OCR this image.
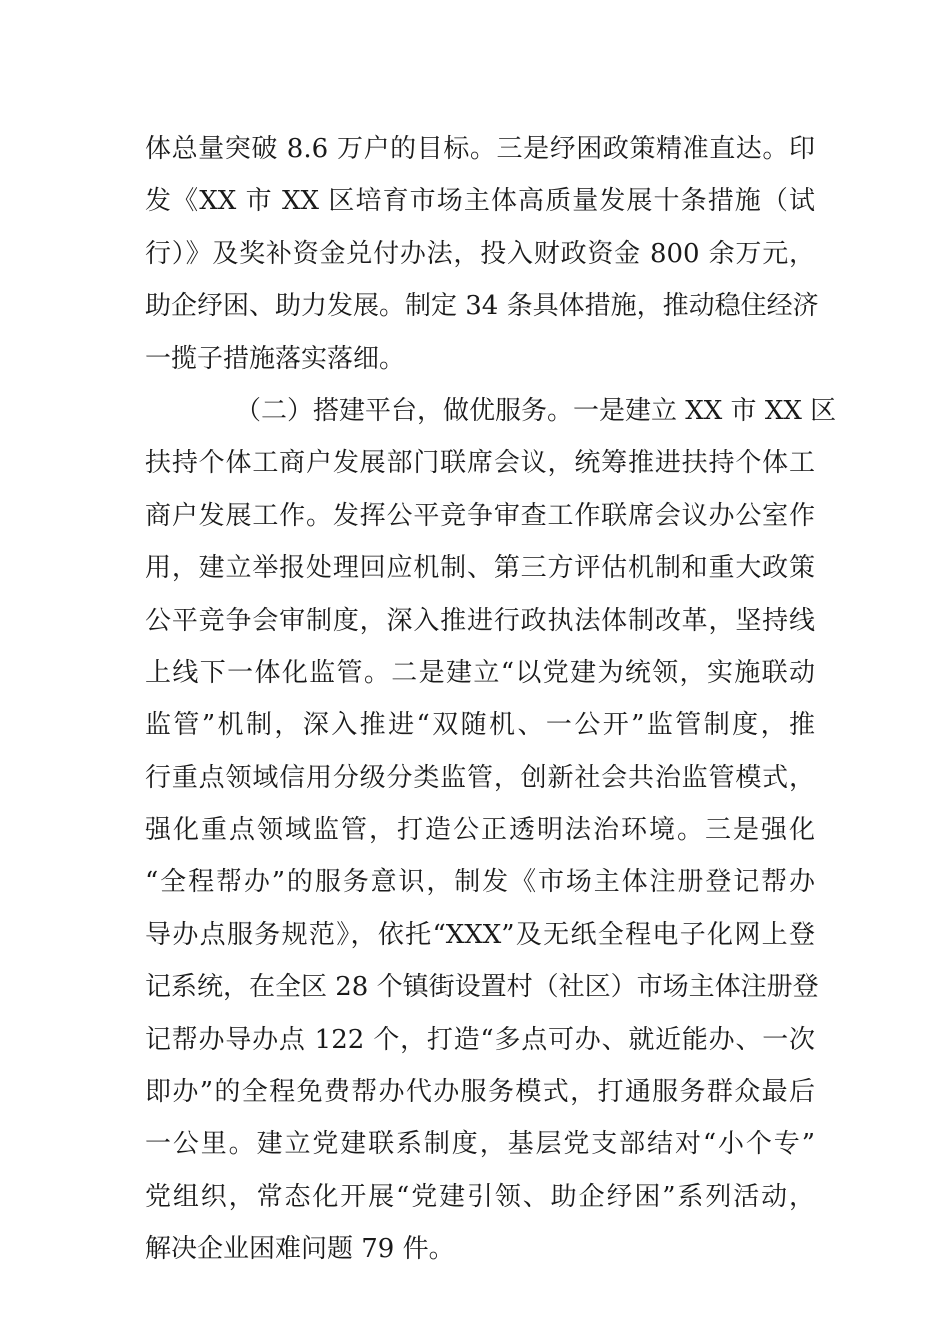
体总量突破 8.6 万户的目标。三是纾困政策精准直达。印
发《XX 市 XX 区培育市场主体高质量发展十条措施（试
行）》及奖补资金兑付办法，投入财政资金 800 余万元，
助企纾困、助力发展。制定 34 条具体措施，推动稳住经济
一揽子措施落实落细。
（二）搭建平台，做优服务。一是建立 XX 市 XX 区
扶持个体工商户发展部门联席会议，统筹推进扶持个体工
商户发展工作。发挥公平竞争审查工作联席会议办公室作
用，建立举报处理回应机制、第三方评估机制和重大政策
公平竞争会审制度，深入推进行政执法体制改革，坚持线
上线下一体化监管。二是建立“以党建为统领，实施联动
监管”机制，深入推进“双随机、一公开”监管制度，推
行重点领域信用分级分类监管，创新社会共治监管模式，
强化重点领域监管，打造公正透明法治环境。三是强化
“全程帮办”的服务意识，制发《市场主体注册登记帮办
导办点服务规范》，依托“XXX”及无纸全程电子化网上登
记系统，在全区 28 个镇街设置村（社区）市场主体注册登
记帮办导办点 122 个，打造“多点可办、就近能办、一次
即办”的全程免费帮办代办服务模式，打通服务群众最后
一公里。建立党建联系制度，基层党支部结对“小个专”
党组织，常态化开展“党建引领、助企纾困”系列活动，
解决企业困难问题 79 件。
